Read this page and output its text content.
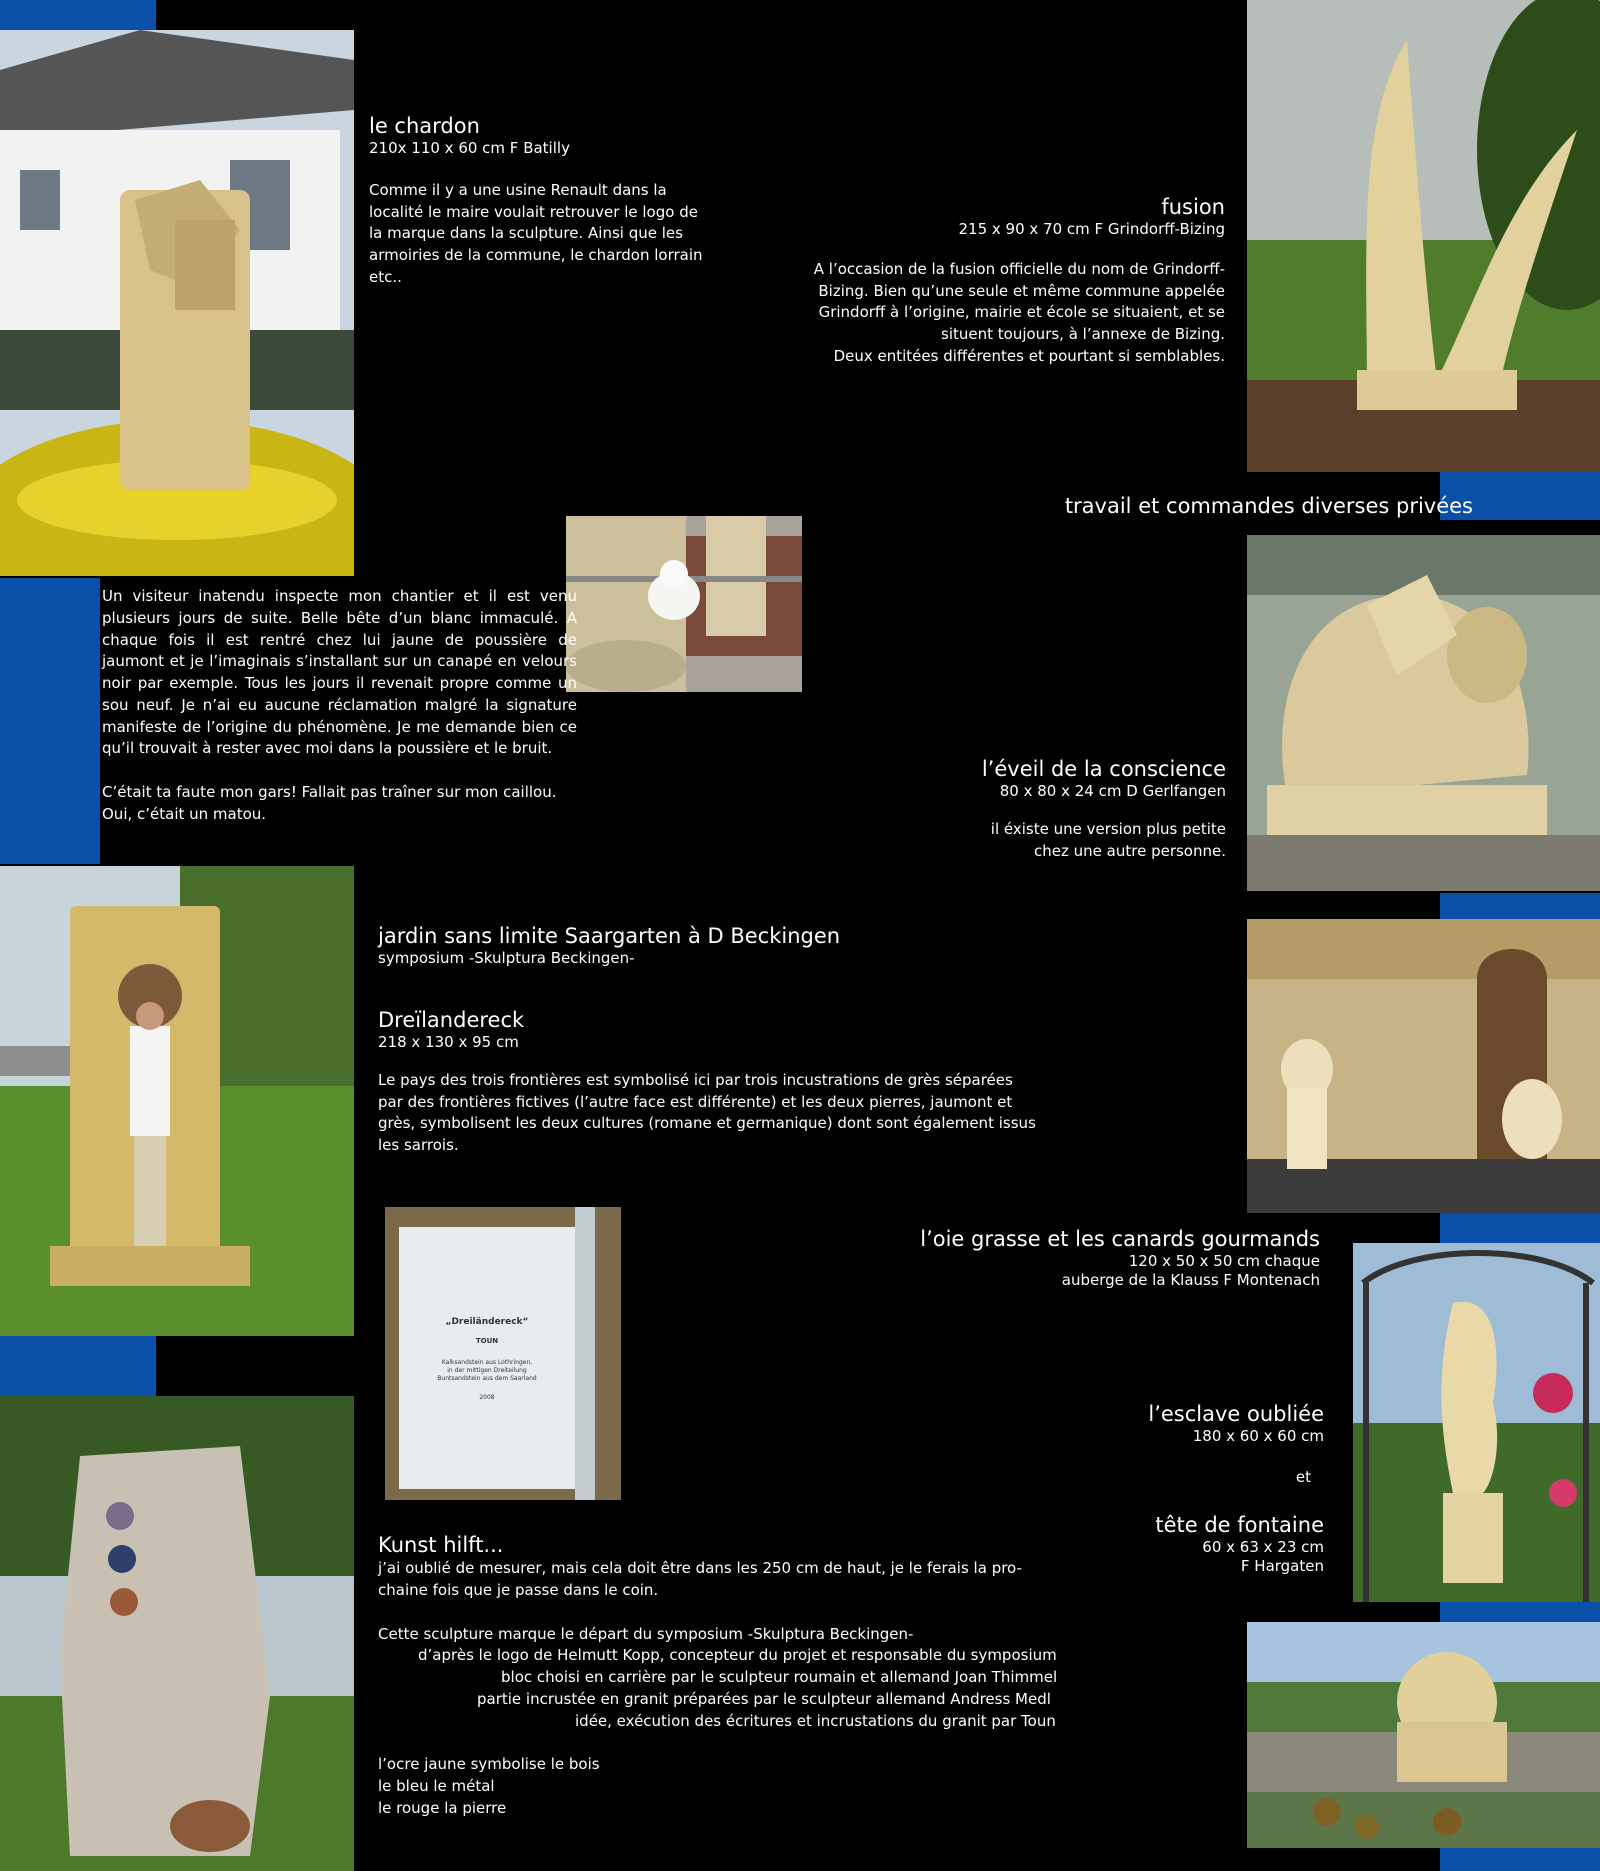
le chardon
210x 110 x 60 cm F Batilly
Comme il y a une usine Renault dans la localité le maire voulait retrouver le logo de la marque dans la sculpture. Ainsi que les armoiries de la commune, le chardon lorrain etc..
fusion
215 x 90 x 70 cm F Grindorff-Bizing
A l’occasion de la fusion officielle du nom de Grindorff-
Bizing. Bien qu’une seule et même commune appelée
Grindorff à l’origine, mairie et école se situaient, et se
situent toujours, à l’annexe de Bizing.
Deux entitées différentes et pourtant si semblables.
travail et commandes diverses privées
Un visiteur inatendu inspecte mon chantier et il est venu plusieurs jours de suite. Belle bête d’un blanc immaculé. A chaque fois il est rentré chez lui jaune de poussière de jaumont et je l’imaginais s’installant sur un canapé en velours noir par exemple. Tous les jours il revenait propre comme un sou neuf. Je n’ai eu aucune réclamation malgré la signature manifeste de l’origine du phénomène. Je me demande bien ce qu’il trouvait à rester avec moi dans la poussière et le bruit.
C’était ta faute mon gars! Fallait pas traîner sur mon caillou. Oui, c’était un matou.
l’éveil de la conscience
80 x 80 x 24 cm D Gerlfangen
il éxiste une version plus petite
chez une autre personne.
jardin sans limite Saargarten à D Beckingen
symposium -Skulptura Beckingen-
Dreïlandereck
218 x 130 x 95 cm
Le pays des trois frontières est symbolisé ici par trois incustrations de grès séparées
par des frontières fictives (l’autre face est différente) et les deux pierres, jaumont et
grès, symbolisent les deux cultures (romane et germanique) dont sont également issus
les sarrois.
„Dreiländereck“
TOUN
Kalksandstein aus Lothringen,
in der mittigen Dreiteilung
Buntsandstein aus dem Saarland
2008
l’oie grasse et les canards gourmands
120 x 50 x 50 cm chaque
auberge de la Klauss F Montenach
l’esclave oubliée
180 x 60 x 60 cm
et
tête de fontaine
60 x 63 x 23 cm
F Hargaten
Kunst hilft...
j’ai oublié de mesurer, mais cela doit être dans les 250 cm de haut, je le ferais la pro-
chaine fois que je passe dans le coin.
Cette sculpture marque le départ du symposium -Skulptura Beckingen-
d’après le logo de Helmutt Kopp, concepteur du projet et responsable du symposium
bloc choisi en carrière par le sculpteur roumain et allemand Joan Thimmel
partie incrustée en granit préparées par le sculpteur allemand Andress Medl
idée, exécution des écritures et incrustations du granit par Toun
l’ocre jaune symbolise le bois
le bleu le métal
le rouge la pierre
